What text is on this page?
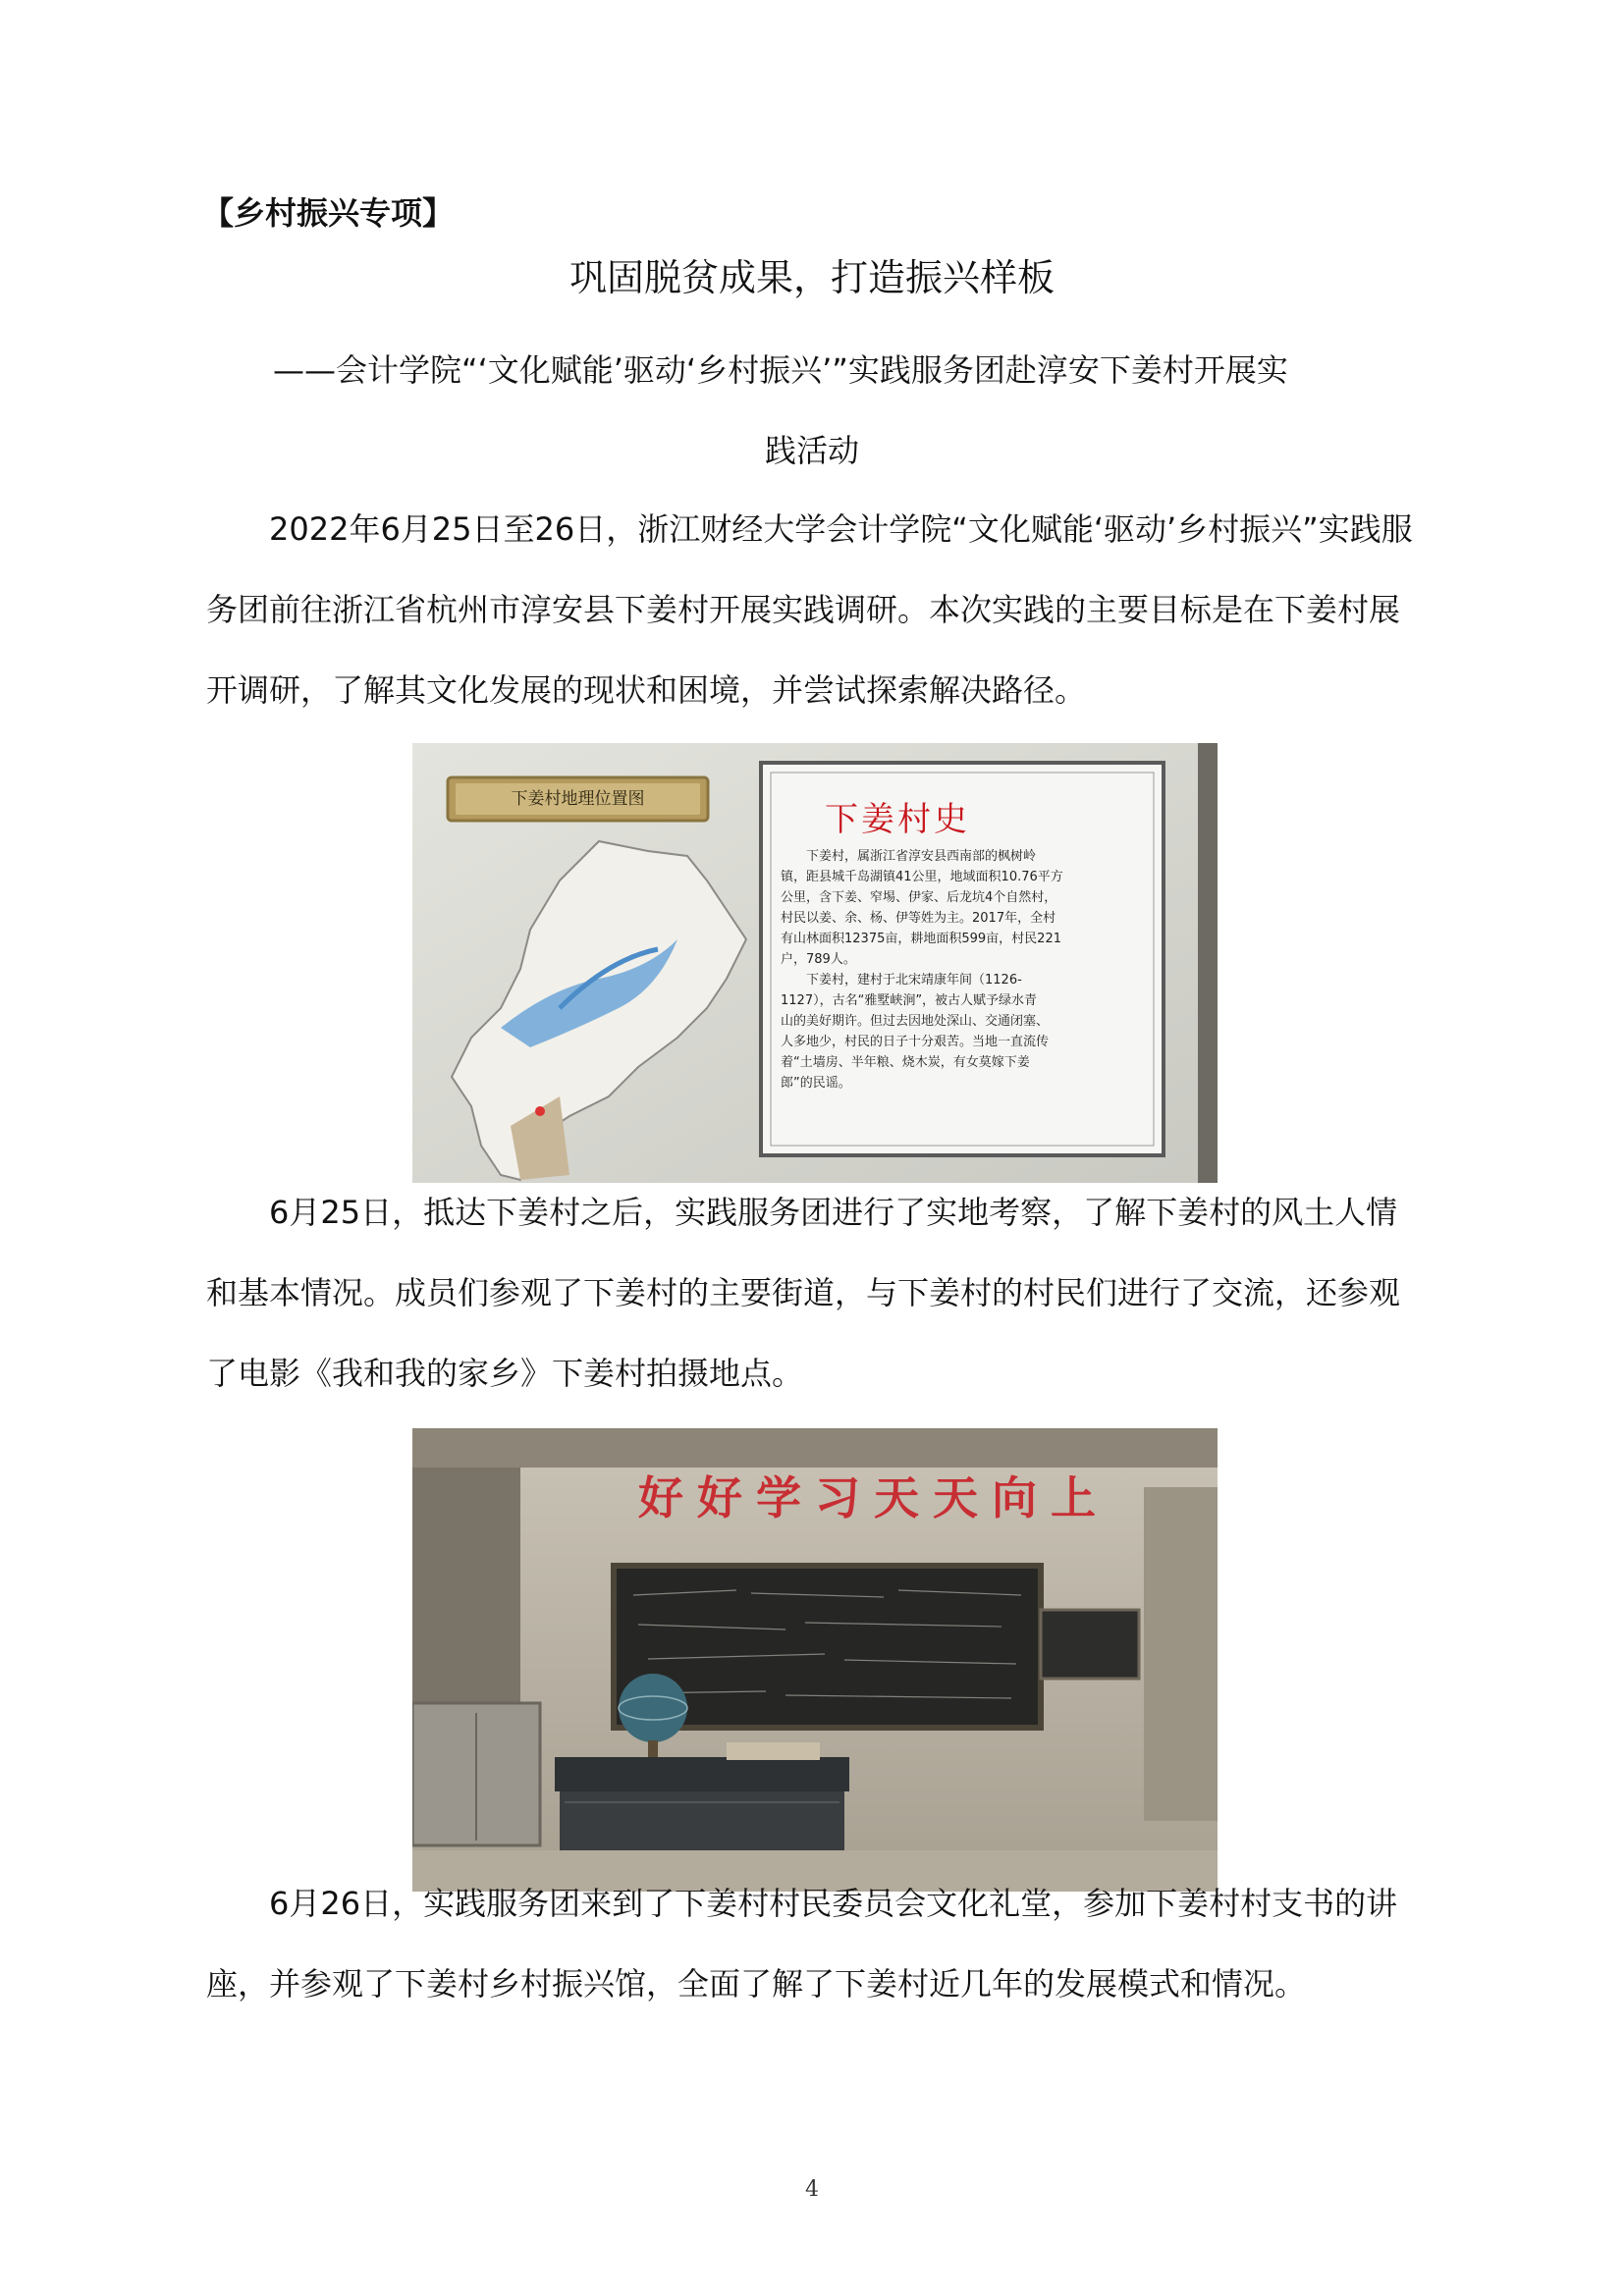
【乡村振兴专项】
巩固脱贫成果，打造振兴样板
——会计学院“‘文化赋能’驱动‘乡村振兴’”实践服务团赴淳安下姜村开展实
践活动
2022年6月25日至26日，浙江财经大学会计学院“文化赋能‘驱动’乡村振兴”实践服务团前往浙江省杭州市淳安县下姜村开展实践调研。本次实践的主要目标是在下姜村展开调研，了解其文化发展的现状和困境，并尝试探索解决路径。
下姜村地理位置图
下姜村史
下姜村，属浙江省淳安县西南部的枫树岭
镇，距县城千岛湖镇41公里，地域面积10.76平方
公里，含下姜、窄埸、伊家、后龙坑4个自然村，
村民以姜、余、杨、伊等姓为主。2017年，全村
有山林面积12375亩，耕地面积599亩，村民221
户，789人。
下姜村，建村于北宋靖康年间（1126-
1127），古名“雅墅峡涧”，被古人赋予绿水青
山的美好期许。但过去因地处深山、交通闭塞、
人多地少，村民的日子十分艰苦。当地一直流传
着“土墙房、半年粮、烧木炭，有女莫嫁下姜
郎”的民谣。
6月25日，抵达下姜村之后，实践服务团进行了实地考察，了解下姜村的风土人情和基本情况。成员们参观了下姜村的主要街道，与下姜村的村民们进行了交流，还参观了电影《我和我的家乡》下姜村拍摄地点。
好好学习天天向上
6月26日，实践服务团来到了下姜村村民委员会文化礼堂，参加下姜村村支书的讲座，并参观了下姜村乡村振兴馆，全面了解了下姜村近几年的发展模式和情况。
4
